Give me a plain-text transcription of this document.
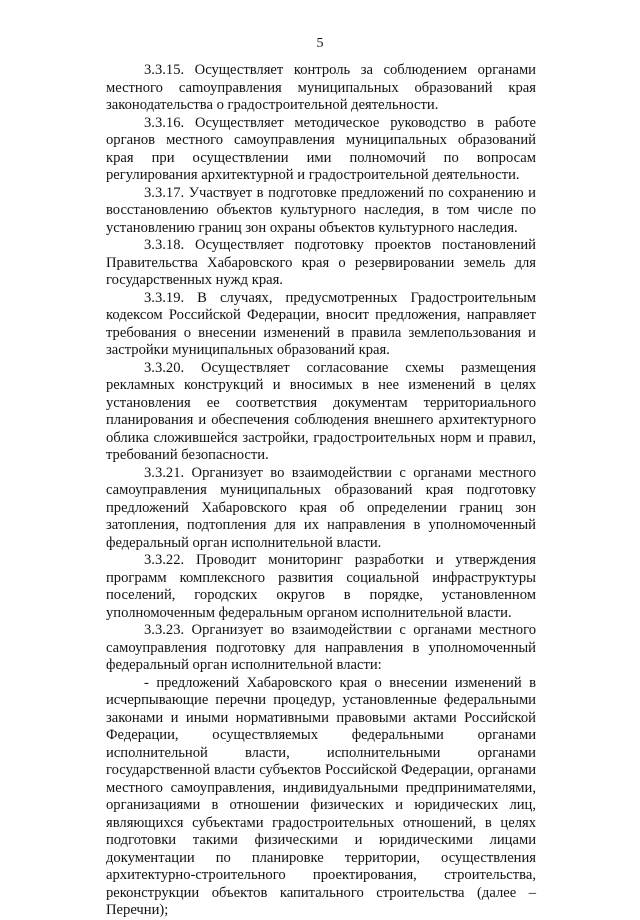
5

3.3.15. Осуществляет контроль за соблюдением органами местного саmоуправления муниципальных образований края законодательства о градостроительной деятельности.

3.3.16. Осуществляет методическое руководство в работе органов местного самоуправления муниципальных образований края при осуществлении ими полномочий по вопросам регулирования архитектурной и градостроительной деятельности.

3.3.17. Участвует в подготовке предложений по сохранению и восстановлению объектов культурного наследия, в том числе по установлению границ зон охраны объектов культурного наследия.

3.3.18. Осуществляет подготовку проектов постановлений Правительства Хабаровского края о резервировании земель для государственных нужд края.

3.3.19. В случаях, предусмотренных Градостроительным кодексом Российской Федерации, вносит предложения, направляет требования о внесении изменений в правила землепользования и застройки муниципальных образований края.

3.3.20. Осуществляет согласование схемы размещения рекламных конструкций и вносимых в нее изменений в целях установления ее соответствия документам территориального планирования и обеспечения соблюдения внешнего архитектурного облика сложившейся застройки, градостроительных норм и правил, требований безопасности.

3.3.21. Организует во взаимодействии с органами местного самоуправления муниципальных образований края подготовку предложений Хабаровского края об определении границ зон затопления, подтопления для их направления в уполномоченный федеральный орган исполнительной власти.

3.3.22. Проводит мониторинг разработки и утверждения программ комплексного развития социальной инфраструктуры поселений, городских округов в порядке, установленном уполномоченным федеральным органом исполнительной власти.

3.3.23. Организует во взаимодействии с органами местного самоуправления подготовку для направления в уполномоченный федеральный орган исполнительной власти:

- предложений Хабаровского края о внесении изменений в исчерпывающие перечни процедур, установленные федеральными законами и иными нормативными правовыми актами Российской Федерации, осуществляемых федеральными органами исполнительной власти, исполнительными органами государственной власти субъектов Российской Федерации, органами местного самоуправления, индивидуальными предпринимателями, организациями в отношении физических и юридических лиц, являющихся субъектами градостроительных отношений, в целях подготовки такими физическими и юридическими лицами документации по планировке территории, осуществления архитектурно-строительного проектирования, строительства, реконструкции объектов капитального строительства (далее – Перечни);
